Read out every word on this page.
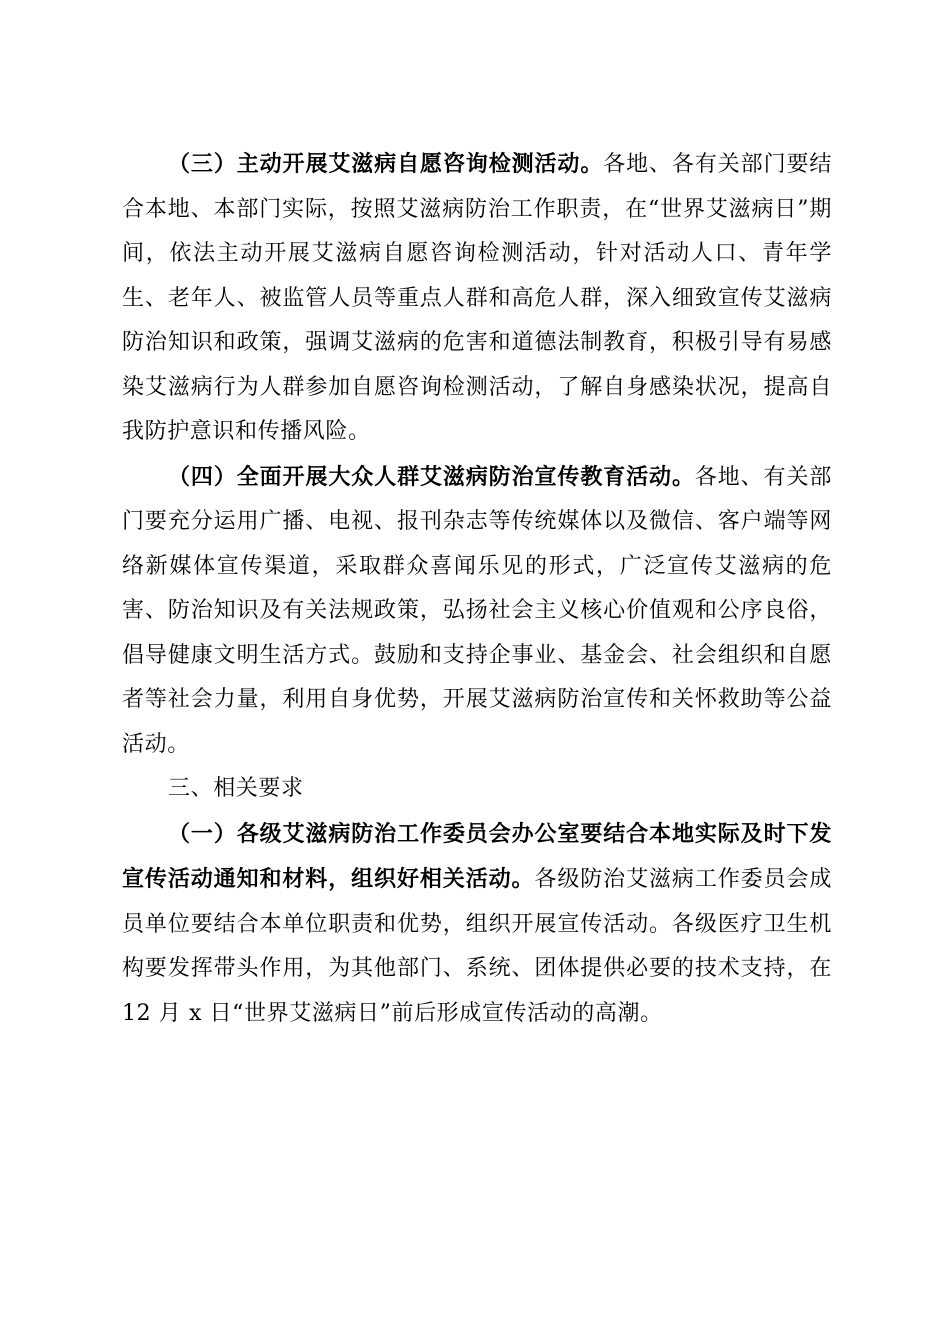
（三）主动开展艾滋病自愿咨询检测活动。各地、各有关部门要结合本地、本部门实际，按照艾滋病防治工作职责，在“世界艾滋病日”期间，依法主动开展艾滋病自愿咨询检测活动，针对活动人口、青年学生、老年人、被监管人员等重点人群和高危人群，深入细致宣传艾滋病防治知识和政策，强调艾滋病的危害和道德法制教育，积极引导有易感染艾滋病行为人群参加自愿咨询检测活动，了解自身感染状况，提高自我防护意识和传播风险。

（四）全面开展大众人群艾滋病防治宣传教育活动。各地、有关部门要充分运用广播、电视、报刊杂志等传统媒体以及微信、客户端等网络新媒体宣传渠道，采取群众喜闻乐见的形式，广泛宣传艾滋病的危害、防治知识及有关法规政策，弘扬社会主义核心价值观和公序良俗，倡导健康文明生活方式。鼓励和支持企事业、基金会、社会组织和自愿者等社会力量，利用自身优势，开展艾滋病防治宣传和关怀救助等公益活动。

三、相关要求

（一）各级艾滋病防治工作委员会办公室要结合本地实际及时下发宣传活动通知和材料，组织好相关活动。各级防治艾滋病工作委员会成员单位要结合本单位职责和优势，组织开展宣传活动。各级医疗卫生机构要发挥带头作用，为其他部门、系统、团体提供必要的技术支持，在 12 月 x 日“世界艾滋病日”前后形成宣传活动的高潮。
